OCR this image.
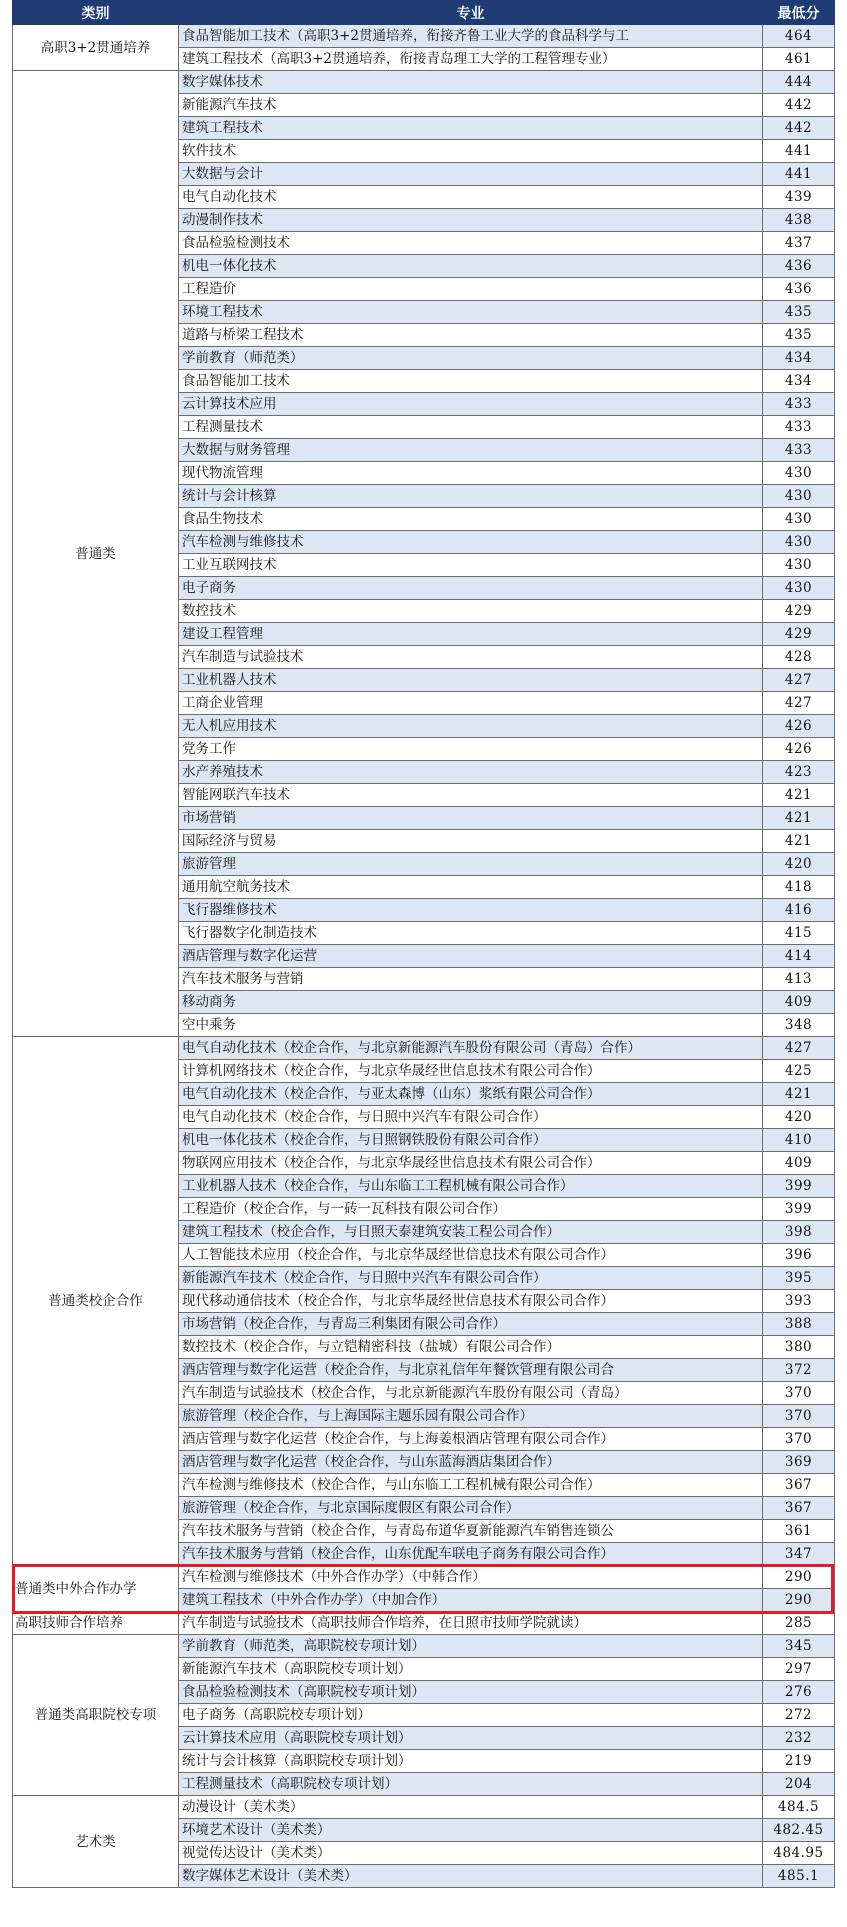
类别	专业	最低分
高职3+2贯通培养	食品智能加工技术（高职3+2贯通培养，衔接齐鲁工业大学的食品科学与工	464
	建筑工程技术（高职3+2贯通培养，衔接青岛理工大学的工程管理专业）	461
普通类	数字媒体技术	444
	新能源汽车技术	442
	建筑工程技术	442
	软件技术	441
	大数据与会计	441
	电气自动化技术	439
	动漫制作技术	438
	食品检验检测技术	437
	机电一体化技术	436
	工程造价	436
	环境工程技术	435
	道路与桥梁工程技术	435
	学前教育（师范类）	434
	食品智能加工技术	434
	云计算技术应用	433
	工程测量技术	433
	大数据与财务管理	433
	现代物流管理	430
	统计与会计核算	430
	食品生物技术	430
	汽车检测与维修技术	430
	工业互联网技术	430
	电子商务	430
	数控技术	429
	建设工程管理	429
	汽车制造与试验技术	428
	工业机器人技术	427
	工商企业管理	427
	无人机应用技术	426
	党务工作	426
	水产养殖技术	423
	智能网联汽车技术	421
	市场营销	421
	国际经济与贸易	421
	旅游管理	420
	通用航空航务技术	418
	飞行器维修技术	416
	飞行器数字化制造技术	415
	酒店管理与数字化运营	414
	汽车技术服务与营销	413
	移动商务	409
	空中乘务	348
普通类校企合作	电气自动化技术（校企合作，与北京新能源汽车股份有限公司（青岛）合作）	427
	计算机网络技术（校企合作，与北京华晟经世信息技术有限公司合作）	425
	电气自动化技术（校企合作，与亚太森博（山东）浆纸有限公司合作）	421
	电气自动化技术（校企合作，与日照中兴汽车有限公司合作）	420
	机电一体化技术（校企合作，与日照钢铁股份有限公司合作）	410
	物联网应用技术（校企合作，与北京华晟经世信息技术有限公司合作）	409
	工业机器人技术（校企合作，与山东临工工程机械有限公司合作）	399
	工程造价（校企合作，与一砖一瓦科技有限公司合作）	399
	建筑工程技术（校企合作，与日照天泰建筑安装工程公司合作）	398
	人工智能技术应用（校企合作，与北京华晟经世信息技术有限公司合作）	396
	新能源汽车技术（校企合作，与日照中兴汽车有限公司合作）	395
	现代移动通信技术（校企合作，与北京华晟经世信息技术有限公司合作）	393
	市场营销（校企合作，与青岛三利集团有限公司合作）	388
	数控技术（校企合作，与立铠精密科技（盐城）有限公司合作）	380
	酒店管理与数字化运营（校企合作，与北京礼信年年餐饮管理有限公司合	372
	汽车制造与试验技术（校企合作，与北京新能源汽车股份有限公司（青岛）	370
	旅游管理（校企合作，与上海国际主题乐园有限公司合作）	370
	酒店管理与数字化运营（校企合作，与上海姜根酒店管理有限公司合作）	370
	酒店管理与数字化运营（校企合作，与山东蓝海酒店集团合作）	369
	汽车检测与维修技术（校企合作，与山东临工工程机械有限公司合作）	367
	旅游管理（校企合作，与北京国际度假区有限公司合作）	367
	汽车技术服务与营销（校企合作，与青岛布道华夏新能源汽车销售连锁公	361
	汽车技术服务与营销（校企合作，山东优配车联电子商务有限公司合作）	347
普通类中外合作办学	汽车检测与维修技术（中外合作办学）（中韩合作）	290
	建筑工程技术（中外合作办学）（中加合作）	290
高职技师合作培养	汽车制造与试验技术（高职技师合作培养，在日照市技师学院就读）	285
普通类高职院校专项	学前教育（师范类，高职院校专项计划）	345
	新能源汽车技术（高职院校专项计划）	297
	食品检验检测技术（高职院校专项计划）	276
	电子商务（高职院校专项计划）	272
	云计算技术应用（高职院校专项计划）	232
	统计与会计核算（高职院校专项计划）	219
	工程测量技术（高职院校专项计划）	204
艺术类	动漫设计（美术类）	484.5
	环境艺术设计（美术类）	482.45
	视觉传达设计（美术类）	484.95
	数字媒体艺术设计（美术类）	485.1
